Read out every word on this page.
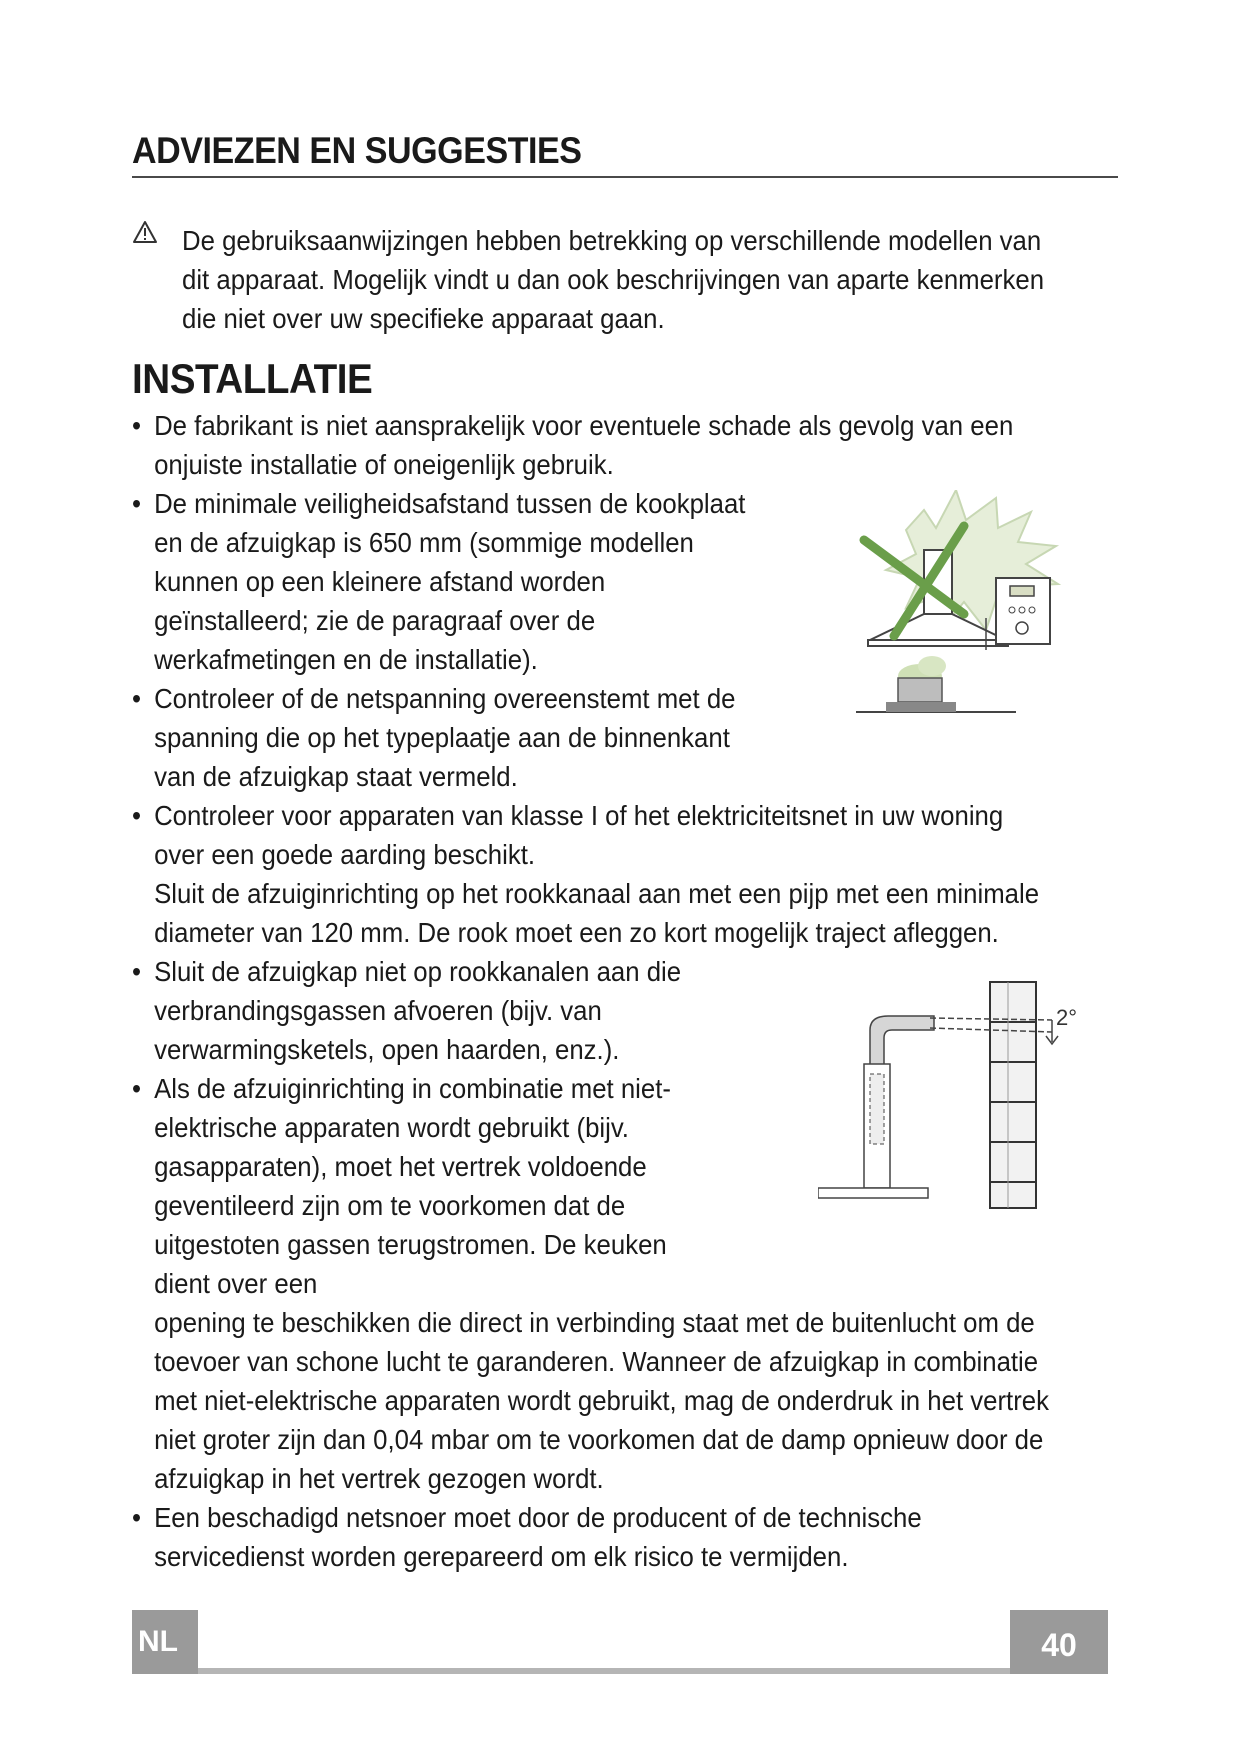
ADVIEZEN EN SUGGESTIES
De gebruiksaanwijzingen hebben betrekking op verschillende modellen van dit apparaat. Mogelijk vindt u dan ook beschrijvingen van aparte kenmerken die niet over uw specifieke apparaat gaan.
INSTALLATIE
• De fabrikant is niet aansprakelijk voor eventuele schade als gevolg van een onjuiste installatie of oneigenlijk gebruik.

• De minimale veiligheidsafstand tussen de kookplaat en de afzuigkap is 650 mm (sommige modellen kunnen op een kleinere afstand worden geïnstalleerd; zie de paragraaf over de werkafmetingen en de installatie).

• Controleer of de netspanning overeenstemt met de spanning die op het typeplaatje aan de binnenkant van de afzuigkap staat vermeld.

• Controleer voor apparaten van klasse I of het elektriciteitsnet in uw woning over een goede aarding beschikt.

Sluit de afzuiginrichting op het rookkanaal aan met een pijp met een minimale diameter van 120 mm. De rook moet een zo kort mogelijk traject afleggen.

• Sluit de afzuigkap niet op rookkanalen aan die verbrandingsgassen afvoeren (bijv. van verwarmingsketels, open haarden, enz.).

• Als de afzuiginrichting in combinatie met niet-elektrische apparaten wordt gebruikt (bijv. gasapparaten), moet het vertrek voldoende geventileerd zijn om te voorkomen dat de uitgestoten gassen terugstromen. De keuken dient over een

opening te beschikken die direct in verbinding staat met de buitenlucht om de toevoer van schone lucht te garanderen. Wanneer de afzuigkap in combinatie met niet-elektrische apparaten wordt gebruikt, mag de onderdruk in het vertrek niet groter zijn dan 0,04 mbar om te voorkomen dat de damp opnieuw door de afzuigkap in het vertrek gezogen wordt.

• Een beschadigd netsnoer moet door de producent of de technische servicedienst worden gerepareerd om elk risico te vermijden.

2°
NL	40
